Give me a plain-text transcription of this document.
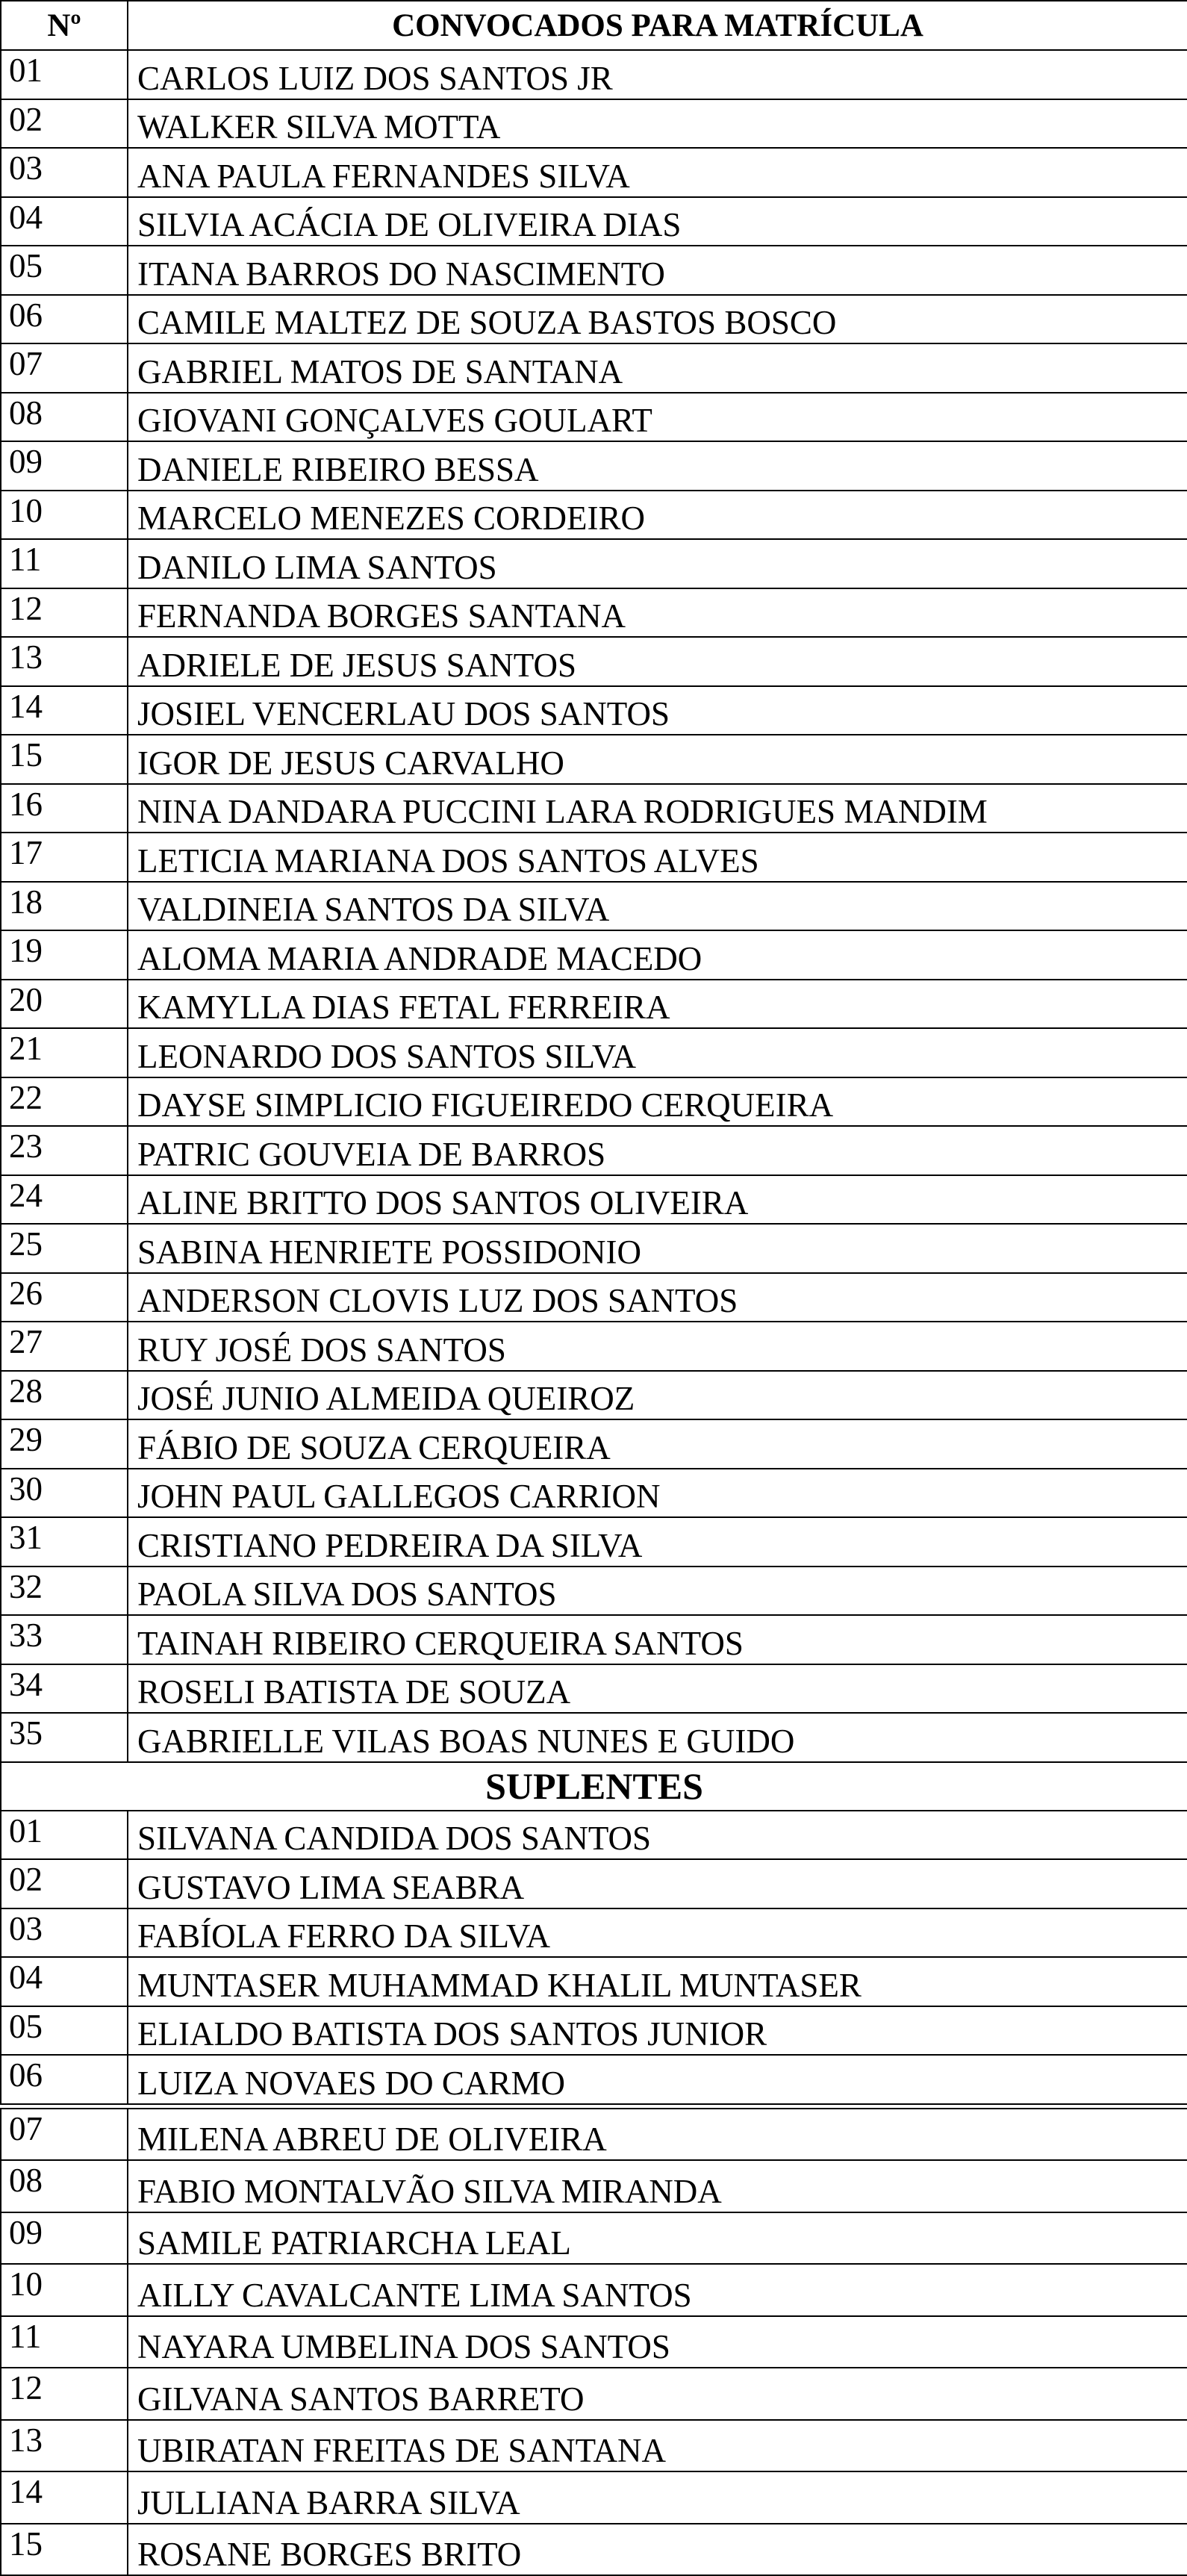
Nº	CONVOCADOS PARA MATRÍCULA
01	CARLOS LUIZ DOS SANTOS JR
02	WALKER SILVA MOTTA
03	ANA PAULA FERNANDES SILVA
04	SILVIA ACÁCIA DE OLIVEIRA DIAS
05	ITANA BARROS DO NASCIMENTO
06	CAMILE MALTEZ DE SOUZA BASTOS BOSCO
07	GABRIEL MATOS DE SANTANA
08	GIOVANI GONÇALVES GOULART
09	DANIELE RIBEIRO BESSA
10	MARCELO MENEZES CORDEIRO
11	DANILO LIMA SANTOS
12	FERNANDA BORGES SANTANA
13	ADRIELE DE JESUS SANTOS
14	JOSIEL VENCERLAU DOS SANTOS
15	IGOR DE JESUS CARVALHO
16	NINA DANDARA PUCCINI LARA RODRIGUES MANDIM
17	LETICIA MARIANA DOS SANTOS ALVES
18	VALDINEIA SANTOS DA SILVA
19	ALOMA MARIA ANDRADE MACEDO
20	KAMYLLA DIAS FETAL FERREIRA
21	LEONARDO DOS SANTOS SILVA
22	DAYSE SIMPLICIO FIGUEIREDO CERQUEIRA
23	PATRIC GOUVEIA DE BARROS
24	ALINE BRITTO DOS SANTOS OLIVEIRA
25	SABINA HENRIETE POSSIDONIO
26	ANDERSON CLOVIS LUZ DOS SANTOS
27	RUY JOSÉ DOS SANTOS
28	JOSÉ JUNIO ALMEIDA QUEIROZ
29	FÁBIO DE SOUZA CERQUEIRA
30	JOHN PAUL GALLEGOS CARRION
31	CRISTIANO PEDREIRA DA SILVA
32	PAOLA SILVA DOS SANTOS
33	TAINAH RIBEIRO CERQUEIRA SANTOS
34	ROSELI BATISTA DE SOUZA
35	GABRIELLE VILAS BOAS NUNES E GUIDO
SUPLENTES	
01	SILVANA CANDIDA DOS SANTOS
02	GUSTAVO LIMA SEABRA
03	FABÍOLA FERRO DA SILVA
04	MUNTASER MUHAMMAD KHALIL MUNTASER
05	ELIALDO BATISTA DOS SANTOS JUNIOR
06	LUIZA NOVAES DO CARMO
07	MILENA ABREU DE OLIVEIRA
08	FABIO MONTALVÃO SILVA MIRANDA
09	SAMILE PATRIARCHA LEAL
10	AILLY CAVALCANTE LIMA SANTOS
11	NAYARA UMBELINA DOS SANTOS
12	GILVANA SANTOS BARRETO
13	UBIRATAN FREITAS DE SANTANA
14	JULLIANA BARRA SILVA
15	ROSANE BORGES BRITO
